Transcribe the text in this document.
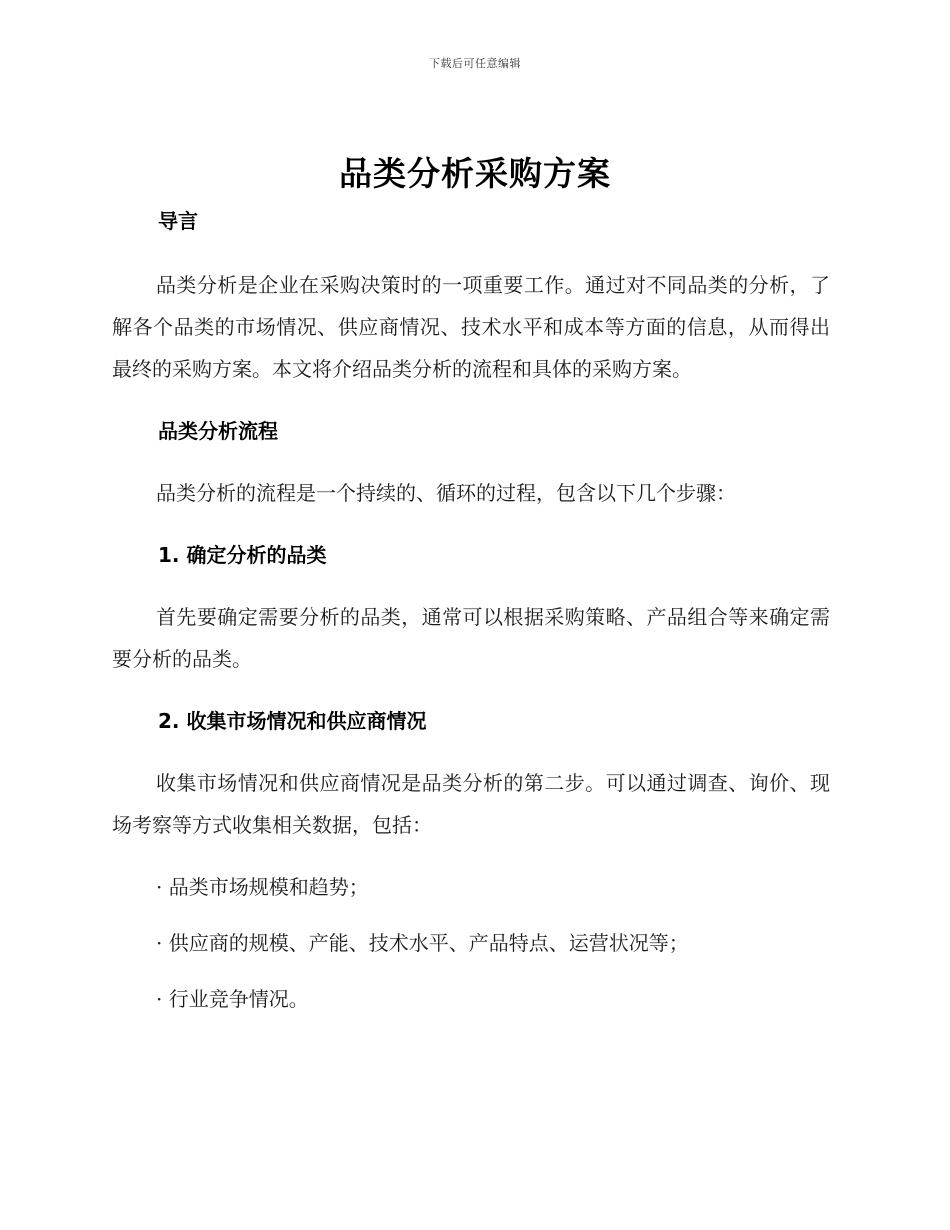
下载后可任意编辑
品类分析采购方案
导言

品类分析是企业在采购决策时的一项重要工作。通过对不同品类的分析，了解各个品类的市场情况、供应商情况、技术水平和成本等方面的信息，从而得出最终的采购方案。本文将介绍品类分析的流程和具体的采购方案。

品类分析流程

品类分析的流程是一个持续的、循环的过程，包含以下几个步骤：

1. 确定分析的品类

首先要确定需要分析的品类，通常可以根据采购策略、产品组合等来确定需要分析的品类。

2. 收集市场情况和供应商情况

收集市场情况和供应商情况是品类分析的第二步。可以通过调查、询价、现场考察等方式收集相关数据，包括：

· 品类市场规模和趋势；
· 供应商的规模、产能、技术水平、产品特点、运营状况等；
· 行业竞争情况。
